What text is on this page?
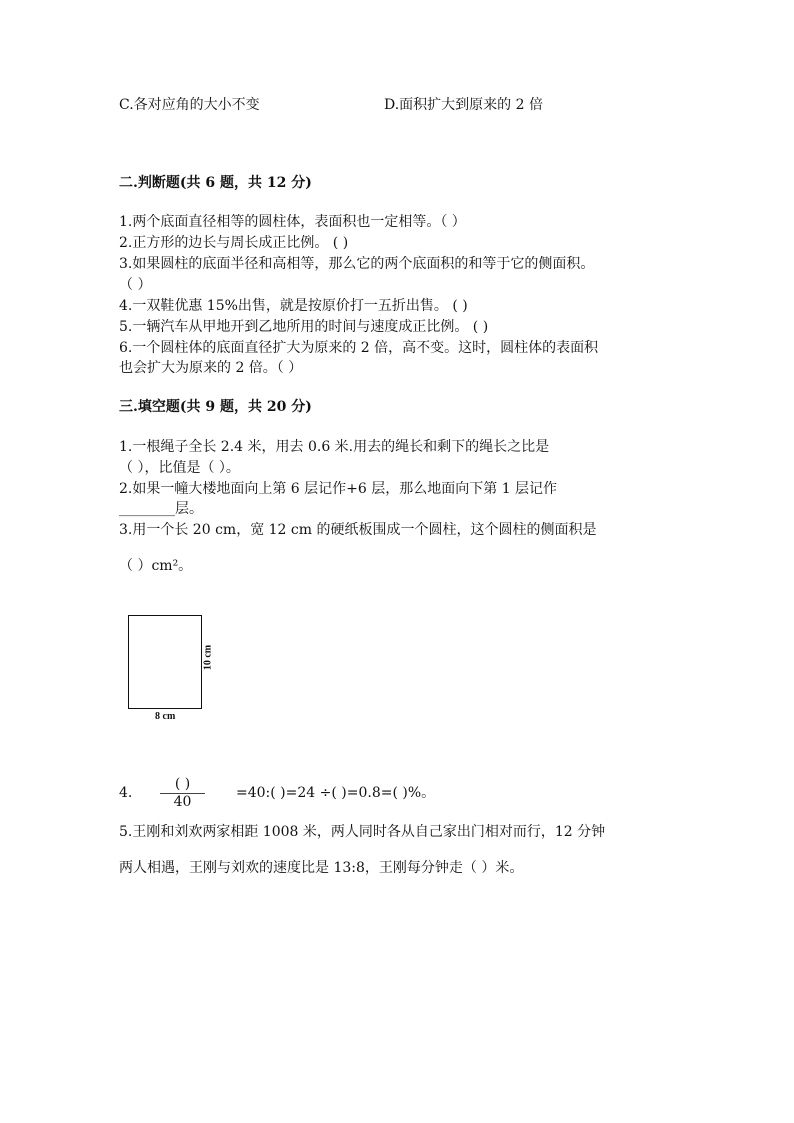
C.各对应角的大小不变	D.面积扩大到原来的 2 倍
二.判断题(共 6 题，共 12 分)
1.两个底面直径相等的圆柱体，表面积也一定相等。（ ）
2.正方形的边长与周长成正比例。 ( )
3.如果圆柱的底面半径和高相等，那么它的两个底面积的和等于它的侧面积。
（ ）
4.一双鞋优惠 15%出售，就是按原价打一五折出售。 ( )
5.一辆汽车从甲地开到乙地所用的时间与速度成正比例。 ( )
6.一个圆柱体的底面直径扩大为原来的 2 倍，高不变。这时，圆柱体的表面积
也会扩大为原来的 2 倍。（ ）
三.填空题(共 9 题，共 20 分)
1.一根绳子全长 2.4 米，用去 0.6 米.用去的绳长和剩下的绳长之比是
（ ），比值是（ ）。
2.如果一幢大楼地面向上第 6 层记作+6 层，那么地面向下第 1 层记作
________层。
3.用一个长 20 cm，宽 12 cm 的硬纸板围成一个圆柱，这个圆柱的侧面积是
（ ）cm²。
10 cm
8 cm
4.
( )
40
=40:( )=24 ÷( )=0.8=( )%。
5.王刚和刘欢两家相距 1008 米，两人同时各从自己家出门相对而行，12 分钟
两人相遇，王刚与刘欢的速度比是 13:8，王刚每分钟走（ ）米。
